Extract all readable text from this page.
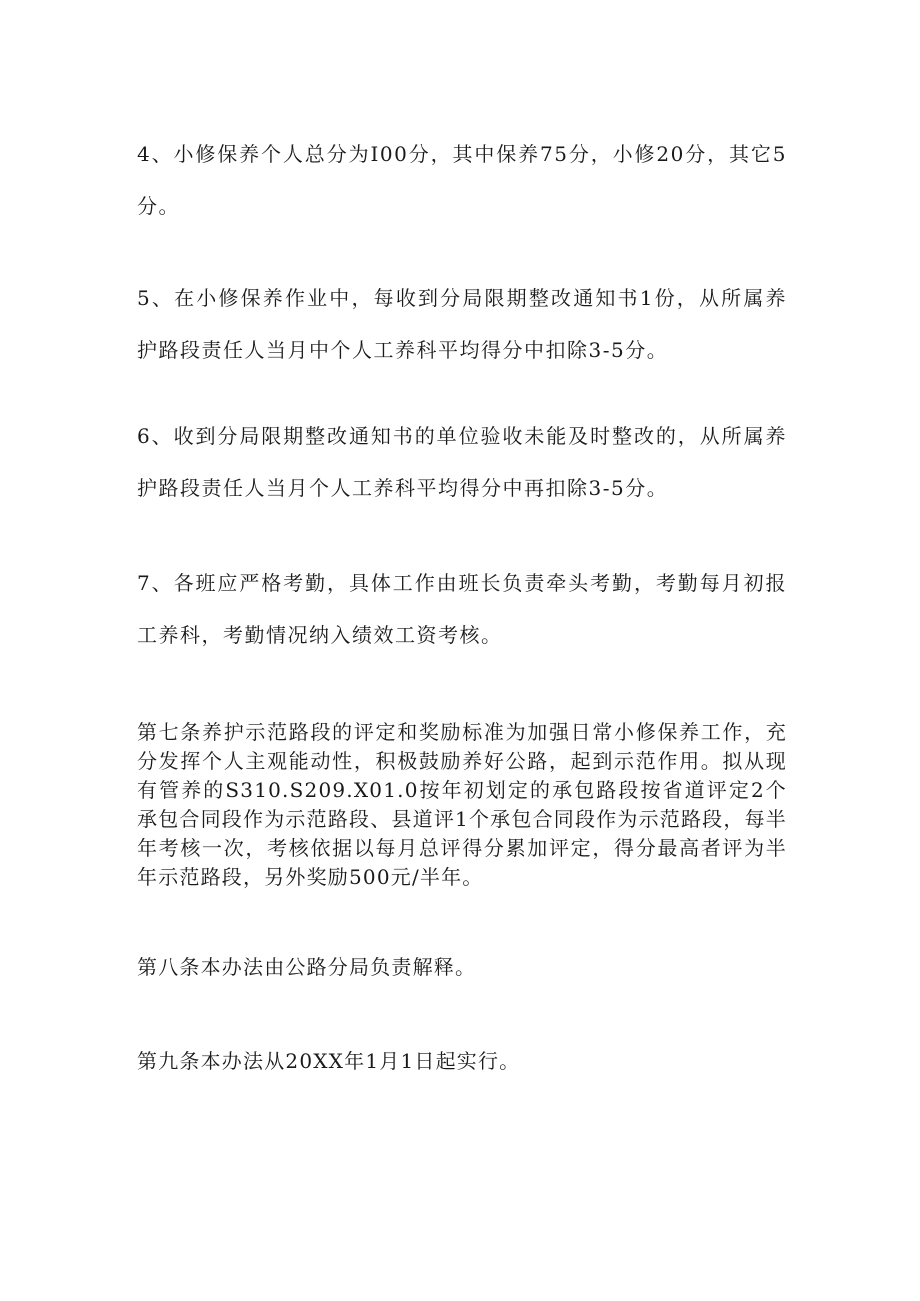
4、小修保养个人总分为I00分，其中保养75分，小修20分，其它5分。

5、在小修保养作业中，每收到分局限期整改通知书1份，从所属养护路段责任人当月中个人工养科平均得分中扣除3-5分。

6、收到分局限期整改通知书的单位验收未能及时整改的，从所属养护路段责任人当月个人工养科平均得分中再扣除3-5分。

7、各班应严格考勤，具体工作由班长负责牵头考勤，考勤每月初报工养科，考勤情况纳入绩效工资考核。

第七条养护示范路段的评定和奖励标准为加强日常小修保养工作，充分发挥个人主观能动性，积极鼓励养好公路，起到示范作用。拟从现有管养的S310.S209.X01.0按年初划定的承包路段按省道评定2个承包合同段作为示范路段、县道评1个承包合同段作为示范路段，每半年考核一次，考核依据以每月总评得分累加评定，得分最高者评为半年示范路段，另外奖励500元/半年。

第八条本办法由公路分局负责解释。

第九条本办法从20XX年1月1日起实行。
